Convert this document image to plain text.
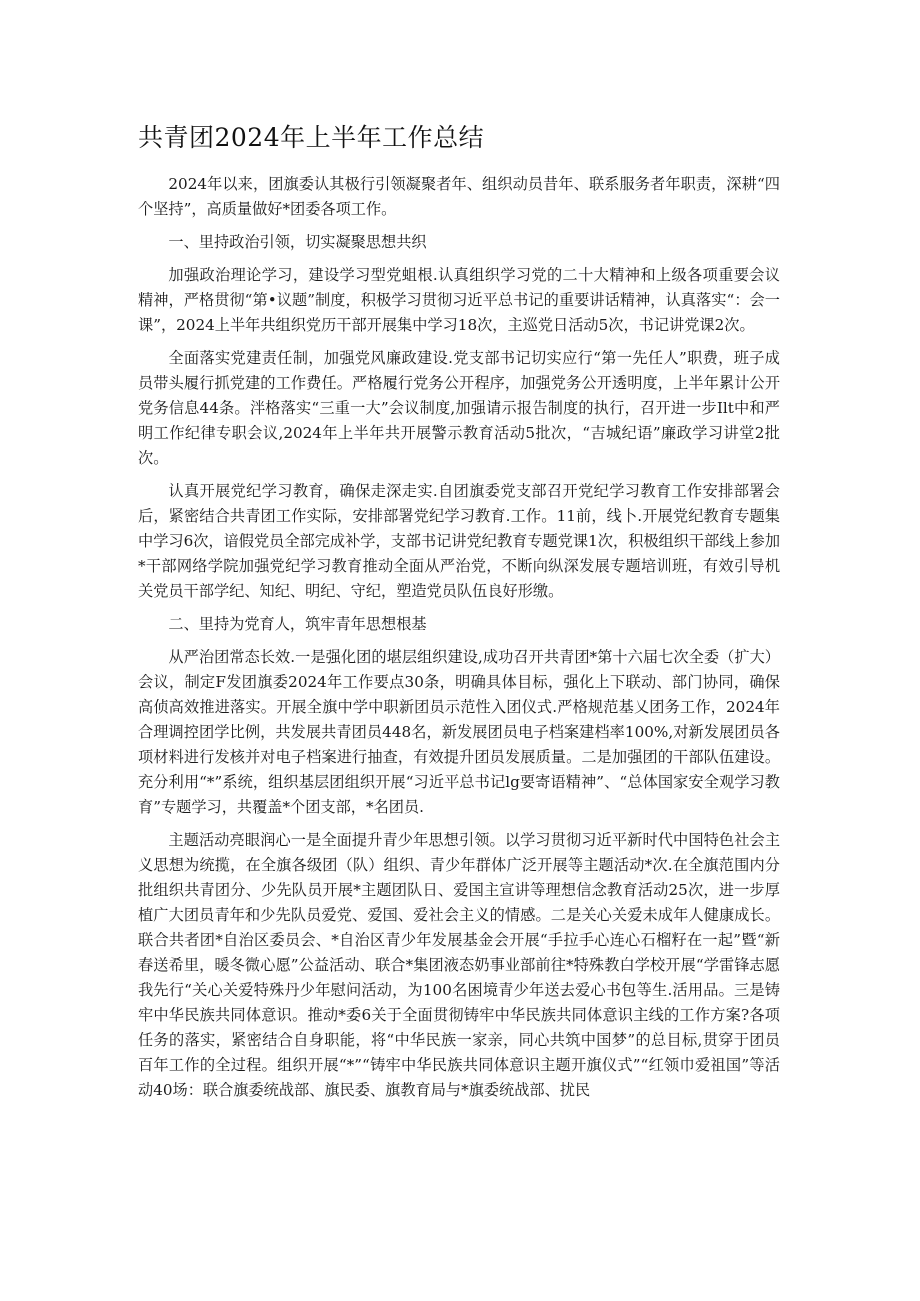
共青团2024年上半年工作总结

2024年以来，团旗委认其极行引领凝聚者年、组织动员昔年、联系服务者年职责，深耕“四个坚持”，高质量做好*团委各项工作。

一、里持政治引领，切实凝聚思想共织

加强政治理论学习，建设学习型党蛆根.认真组织学习党的二十大精神和上级各项重要会议精神，严格贯彻“第•议题”制度，积极学习贯彻习近平总书记的重要讲话精神，认真落实“：会一课”，2024上半年共组织党历干部开展集中学习18次，主巡党日活动5次，书记讲党课2次。

全面落实党建责任制，加强党风廉政建设.党支部书记切实应行“第一先任人”职费，班子成员带头履行抓党建的工作费任。严格履行党务公开程序，加强党务公开透明度，上半年累计公开党务信息44条。泮格落实“三重一大”会议制度,加强请示报告制度的执行，召开进一步Ilt中和严明工作纪律专职会议,2024年上半年共开展警示教育活动5批次，“吉城纪语”廉政学习讲堂2批次。

认真开展党纪学习教育，确保走深走实.自团旗委党支部召开党纪学习教育工作安排部署会后，紧密结合共青团工作实际，安排部署党纪学习教育.工作。11前，线卜.开展党纪教育专题集中学习6次，谙假党员全部完成补学，支部书记讲党纪教育专题党课1次，积极组织干部线上参加*干部网络学院加强党纪学习教育推动全面从严治党，不断向纵深发展专题培训班，有效引导机关党员干部学纪、知纪、明纪、守纪，塑造党员队伍良好形缴。

二、里持为党育人，筑牢青年思想根基

从严治团常态长效.一是强化团的堪层组织建设,成功召开共青团*第十六届七次全委（扩大）会议，制定F发团旗委2024年工作要点30条，明确具体目标，强化上下联动、部门协同，确保高侦高效推进落实。开展全旗中学中职新团员示范性入团仪式.严格规范基乂团务工作，2024年合理调控团学比例，共发展共青团员448名，新发展团员电子档案建档率100%,对新发展团员各项材料进行发核并对电子档案进行抽查，有效提升团员发展质量。二是加强团的干部队伍建设。充分利用“*”系统，组织基层团组织开展“习近平总书记lg要寄语精神”、“总体国家安全观学习教育”专题学习，共覆盖*个团支部，*名团员.

主题活动亮眼润心一是全面提升青少年思想引领。以学习贯彻习近平新时代中国特色社会主义思想为统揽，在全旗各级团（队）组织、青少年群体广泛开展等主题活动*次.在全旗范围内分批组织共青团分、少先队员开展*主题团队日、爱国主宣讲等理想信念教育活动25次，进一步厚植广大团员青年和少先队员爱党、爱国、爱社会主义的情感。二是关心关爱未成年人健康成长。联合共者团*自治区委员会、*自治区青少年发展基金会开展“手拉手心连心石榴籽在一起”暨“新春送希里，暖冬微心愿”公益活动、联合*集团液态奶事业部前往*特殊教白学校开展“学雷锋志愿我先行“关心关爱特殊丹少年慰问活动，为100名困境青少年送去爱心书包等生.活用品。三是铸牢中华民族共同体意识。推动*委6关于全面贯彻铸牢中华民族共同体意识主线的工作方案?各项任务的落实，紧密结合自身职能，将“中华民族一家亲，同心共筑中国梦”的总目标,贯穿于团员百年工作的全过程。组织开展“*”“铸牢中华民族共同体意识主题开旗仪式”“红领巾爱祖国”等活动40场：联合旗委统战部、旗民委、旗教育局与*旗委统战部、扰民
